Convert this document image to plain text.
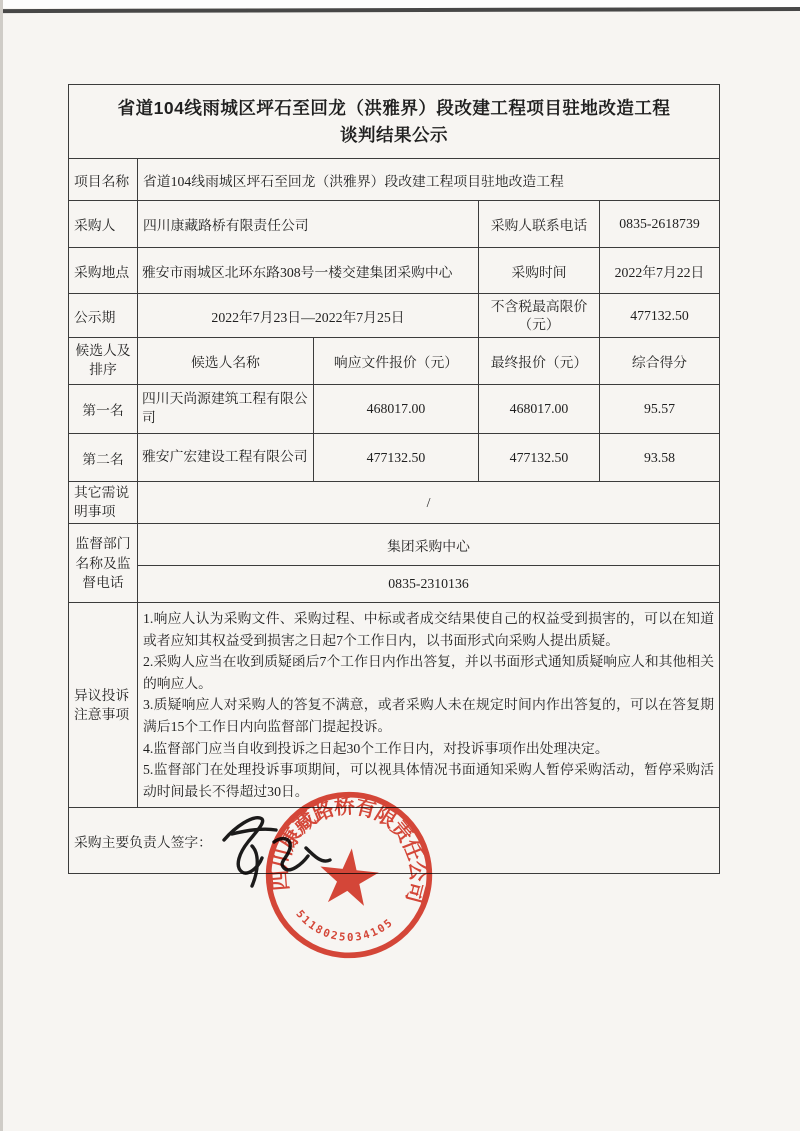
省道104线雨城区坪石至回龙（洪雅界）段改建工程项目驻地改造工程
谈判结果公示				
项目名称	省道104线雨城区坪石至回龙（洪雅界）段改建工程项目驻地改造工程			
采购人	四川康藏路桥有限责任公司		采购人联系电话	0835-2618739
采购地点	雅安市雨城区北环东路308号一楼交建集团采购中心		采购时间	2022年7月22日
公示期	2022年7月23日—2022年7月25日		不含税最高限价（元）	477132.50
候选人及排序	候选人名称	响应文件报价（元）	最终报价（元）	综合得分
第一名	四川天尚源建筑工程有限公司	468017.00	468017.00	95.57
第二名	雅安广宏建设工程有限公司	477132.50	477132.50	93.58
其它需说明事项	/			
监督部门名称及监督电话	集团采购中心			
	0835-2310136			
异议投诉注意事项	1.响应人认为采购文件、采购过程、中标或者成交结果使自己的权益受到损害的，可以在知道或者应知其权益受到损害之日起7个工作日内，以书面形式向采购人提出质疑。

2.采购人应当在收到质疑函后7个工作日内作出答复，并以书面形式通知质疑响应人和其他相关的响应人。

3.质疑响应人对采购人的答复不满意，或者采购人未在规定时间内作出答复的，可以在答复期满后15个工作日内向监督部门提起投诉。

4.监督部门应当自收到投诉之日起30个工作日内，对投诉事项作出处理决定。

5.监督部门在处理投诉事项期间，可以视具体情况书面通知采购人暂停采购活动，暂停采购活动时间最长不得超过30日。			

采购主要负责人签字：				
四川康藏路桥有限责任公司
5118025034105
